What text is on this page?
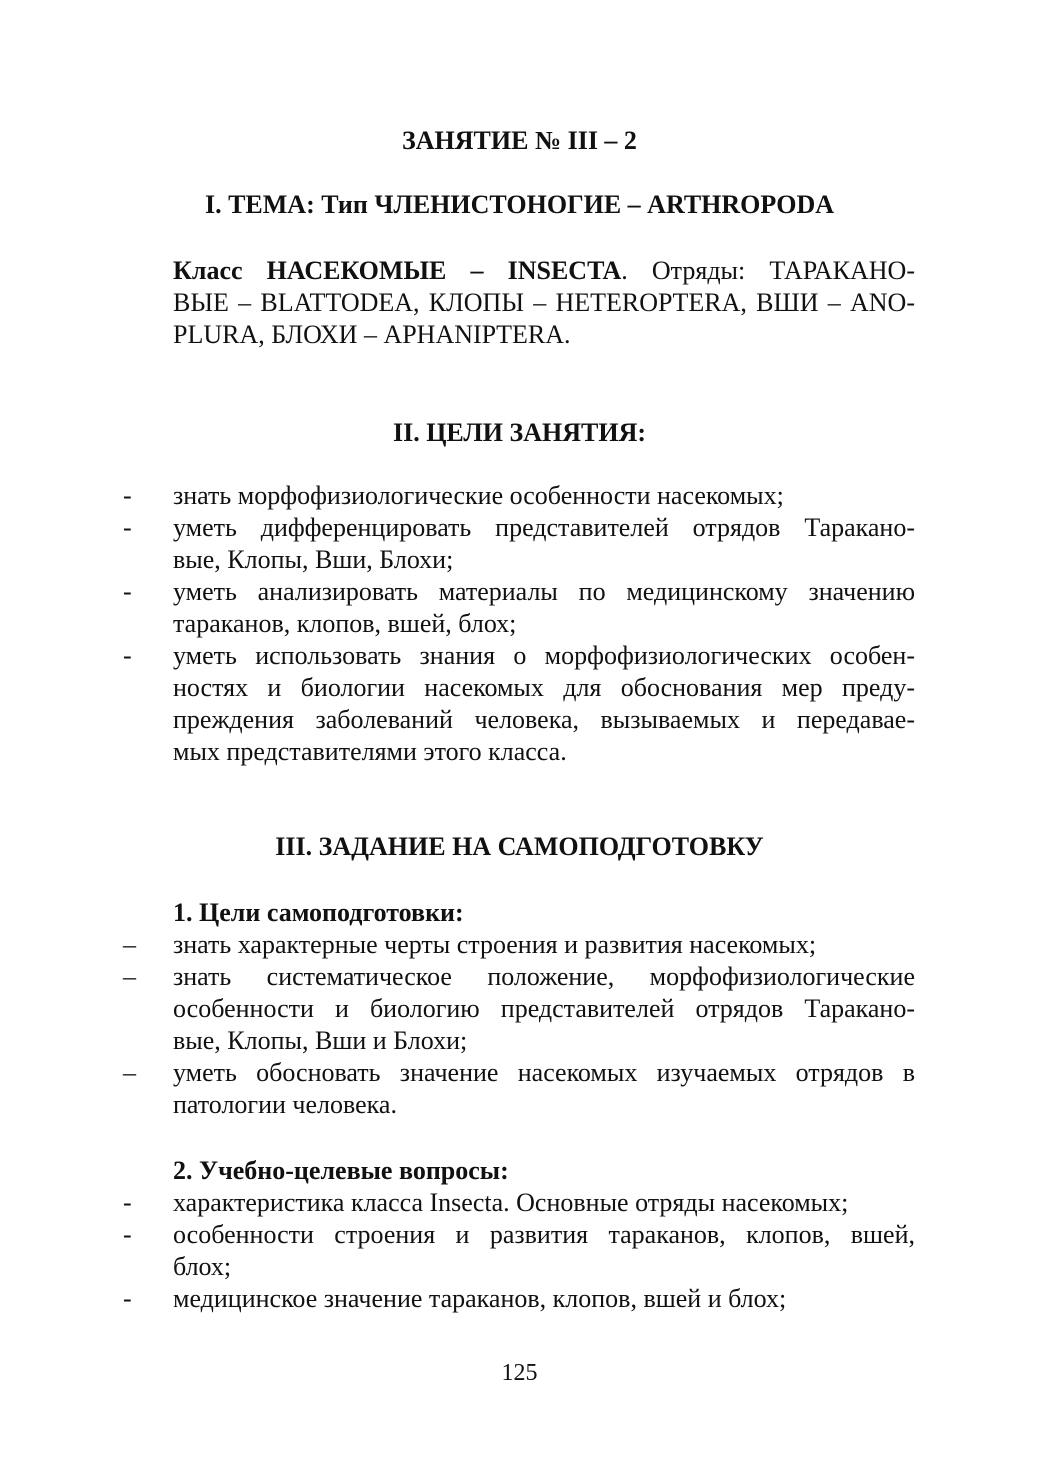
ЗАНЯТИЕ № III – 2
I. ТЕМА: Тип ЧЛЕНИСТОНОГИЕ – ARTHROPODA
Класс НАСЕКОМЫЕ – INSECTA. Отряды: ТАРАКАНО-
ВЫЕ – BLATTODEA, КЛОПЫ – HETEROPTERA, ВШИ – ANO-
PLURA, БЛОХИ – APHANIPTERA.
II. ЦЕЛИ ЗАНЯТИЯ:
-	знать морфофизиологические особенности насекомых;
-	уметь дифференцировать представителей отрядов Таракано-
вые, Клопы, Вши, Блохи;
-	уметь анализировать материалы по медицинскому значению
тараканов, клопов, вшей, блох;
-	уметь использовать знания о морфофизиологических особен-
ностях и биологии насекомых для обоснования мер преду-
преждения заболеваний человека, вызываемых и передавае-
мых представителями этого класса.
III. ЗАДАНИЕ НА САМОПОДГОТОВКУ
1. Цели самоподготовки:
–	знать характерные черты строения и развития насекомых;
–	знать систематическое положение, морфофизиологические
особенности и биологию представителей отрядов Таракано-
вые, Клопы, Вши и Блохи;
–	уметь обосновать значение насекомых изучаемых отрядов в
патологии человека.
2. Учебно-целевые вопросы:
-	характеристика класса Insecta. Основные отряды насекомых;
-	особенности строения и развития тараканов, клопов, вшей,
блох;
-	медицинское значение тараканов, клопов, вшей и блох;
125
